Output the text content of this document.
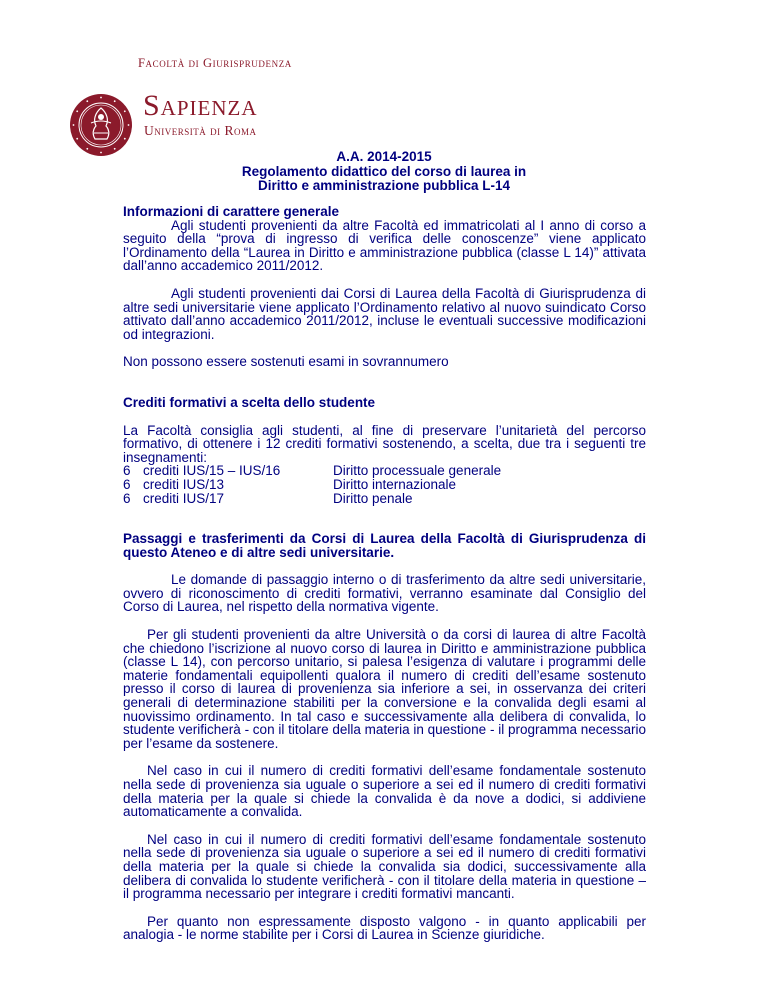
Facoltà di Giurisprudenza
Sapienza
Università di Roma
A.A. 2014-2015
Regolamento didattico del corso di laurea in
Diritto e amministrazione pubblica L-14

Informazioni di carattere generale

Agli studenti provenienti da altre Facoltà ed immatricolati al I anno di corso a seguito della “prova di ingresso di verifica delle conoscenze” viene applicato l’Ordinamento della “Laurea in Diritto e amministrazione pubblica (classe L 14)” attivata dall’anno accademico 2011/2012.

Agli studenti provenienti dai Corsi di Laurea della Facoltà di Giurisprudenza di altre sedi universitarie viene applicato l’Ordinamento relativo al nuovo suindicato Corso attivato dall’anno accademico 2011/2012, incluse le eventuali successive modificazioni od integrazioni.

Non possono essere sostenuti esami in sovrannumero

Crediti formativi a scelta dello studente

La Facoltà consiglia agli studenti, al fine di preservare l’unitarietà del percorso formativo, di ottenere i 12 crediti formativi sostenendo, a scelta, due tra i seguenti tre insegnamenti:

6	crediti IUS/15 – IUS/16	Diritto processuale generale
6	crediti IUS/13	Diritto internazionale
6	crediti IUS/17	Diritto penale

Passaggi e trasferimenti da Corsi di Laurea della Facoltà di Giurisprudenza di questo Ateneo e di altre sedi universitarie.

Le domande di passaggio interno o di trasferimento da altre sedi universitarie, ovvero di riconoscimento di crediti formativi, verranno esaminate dal Consiglio del Corso di Laurea, nel rispetto della normativa vigente.

Per gli studenti provenienti da altre Università o da corsi di laurea di altre Facoltà che chiedono l’iscrizione al nuovo corso di laurea in Diritto e amministrazione pubblica (classe L 14), con percorso unitario, si palesa l’esigenza di valutare i programmi delle materie fondamentali equipollenti qualora il numero di crediti dell’esame sostenuto presso il corso di laurea di provenienza sia inferiore a sei, in osservanza dei criteri generali di determinazione stabiliti per la conversione e la convalida degli esami al nuovissimo ordinamento. In tal caso e successivamente alla delibera di convalida, lo studente verificherà - con il titolare della materia in questione - il programma necessario per l’esame da sostenere.

Nel caso in cui il numero di crediti formativi dell’esame fondamentale sostenuto nella sede di provenienza sia uguale o superiore a sei ed il numero di crediti formativi della materia per la quale si chiede la convalida è da nove a dodici, si addiviene automaticamente a convalida.

Nel caso in cui il numero di crediti formativi dell’esame fondamentale sostenuto nella sede di provenienza sia uguale o superiore a sei ed il numero di crediti formativi della materia per la quale si chiede la convalida sia dodici, successivamente alla delibera di convalida lo studente verificherà - con il titolare della materia in questione – il programma necessario per integrare i crediti formativi mancanti.

Per quanto non espressamente disposto valgono - in quanto applicabili per analogia - le norme stabilite per i Corsi di Laurea in Scienze giuridiche.
